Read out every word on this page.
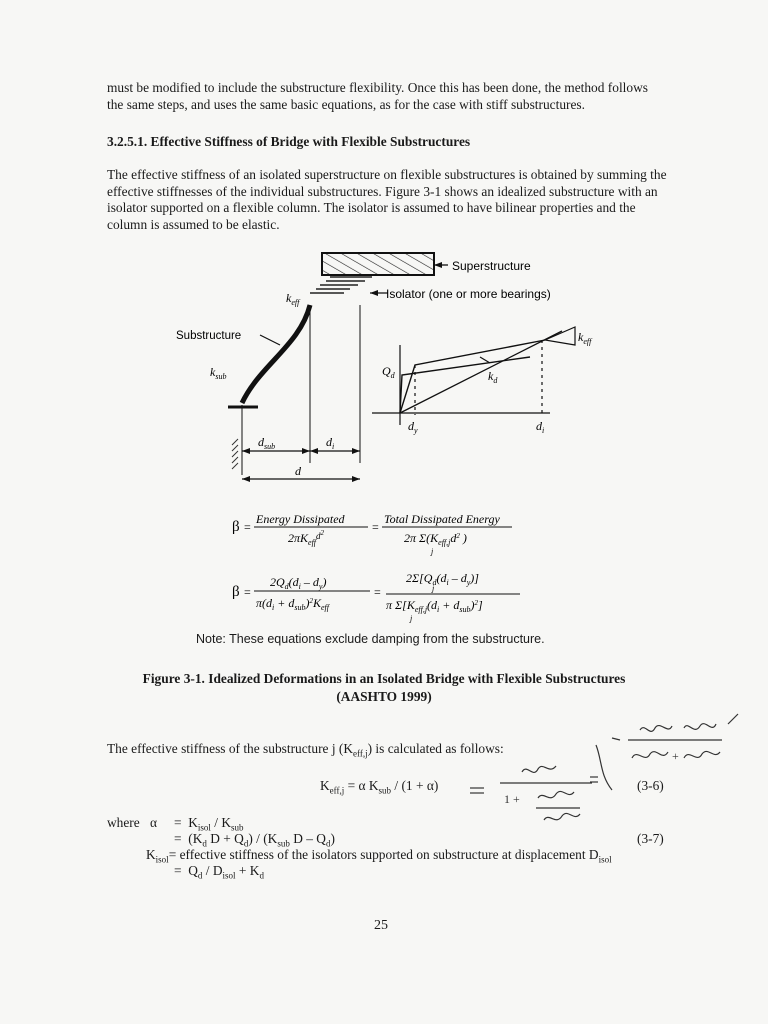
must be modified to include the substructure flexibility. Once this has been done, the method follows the same steps, and uses the same basic equations, as for the case with stiff substructures.

3.2.5.1. Effective Stiffness of Bridge with Flexible Substructures

The effective stiffness of an isolated superstructure on flexible substructures is obtained by summing the effective stiffnesses of the individual substructures. Figure 3-1 shows an idealized substructure with an isolator supported on a flexible column. The isolator is assumed to have bilinear properties and the column is assumed to be elastic.

Superstructure
Isolator (one or more bearings)
$k_{eff}$
Substructure
$k_{sub}$
$d_{sub}$	$d_i$
d
$Q_d$	$k_d$
$d_y$	$d_i$
$k_{eff}$
β =
Energy Dissipated
$2\pi K_{eff}^{d2}$	=
Total Dissipated Energy
2π $\Sigma(K_{eff,j}d^2$ )
j
β =
$2Q_d(d_i - d_y)$
$\pi(d_i + d_{sub})^2K_{eff}$
=
$2\Sigma[Q_d(d_i - d_y)]$
j
π $\Sigma[K_{eff,j}(d_i + d_{sub})^2]$
j
Note: These equations exclude damping from the substructure.
Figure 3-1. Idealized Deformations in an Isolated Bridge with Flexible Substructures
(AASHTO 1999)
The effective stiffness of the substructure j $(K_{eff,j})$ is calculated as follows:
$K_{eff,j} = \alpha$ $K_{sub} / (1 + \alpha)$	(3-6)
where $\alpha = K_{isol} / K_{sub}$
=  ($K_d$ $D + Q_d) / (K_{sub}$ D – $Q_d$)	(3-7)
$K_{isol}=$ effective stiffness of the isolators supported on substructure at displacement $D_{isol}$
=  $Q_d / D_{isol} + K_d$
+
1 +
25
